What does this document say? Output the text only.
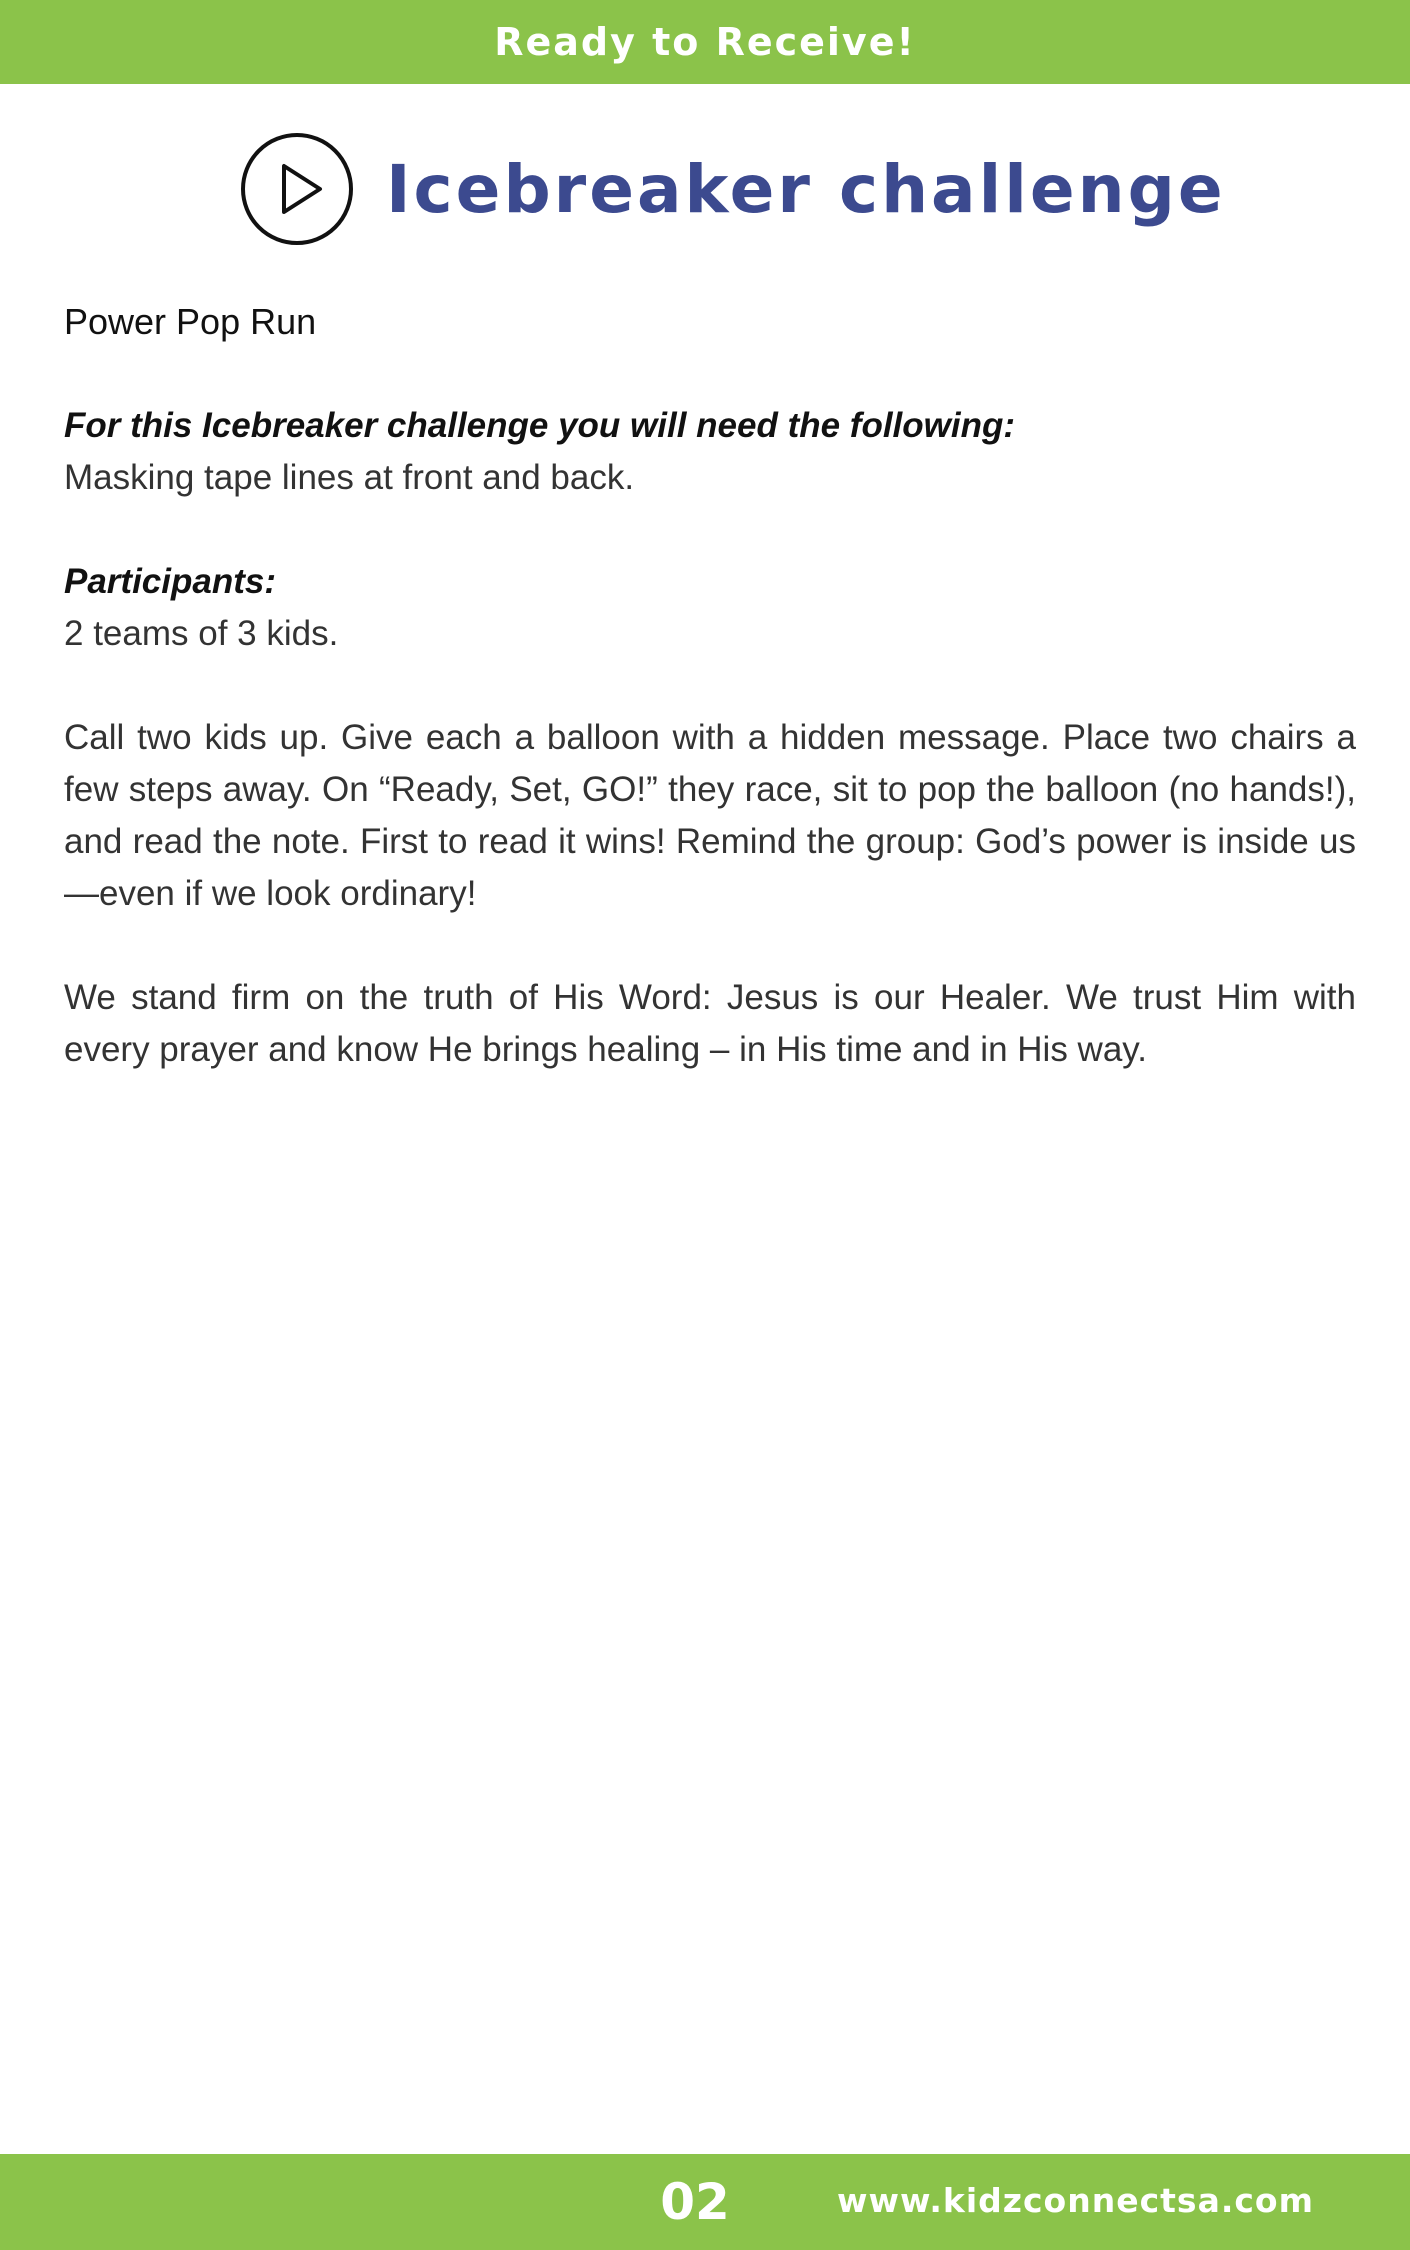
Ready to Receive!
Icebreaker challenge

Power Pop Run

For this Icebreaker challenge you will need the following:

Masking tape lines at front and back.

Participants:

2 teams of 3 kids.

Call two kids up. Give each a balloon with a hidden message. Place two chairs a few steps away. On “Ready, Set, GO!” they race, sit to pop the balloon (no hands!), and read the note. First to read it wins! Remind the group: God’s power is inside us—even if we look ordinary!

We stand firm on the truth of His Word: Jesus is our Healer. We trust Him with every prayer and know He brings healing – in His time and in His way.

02	www.kidzconnectsa.com
